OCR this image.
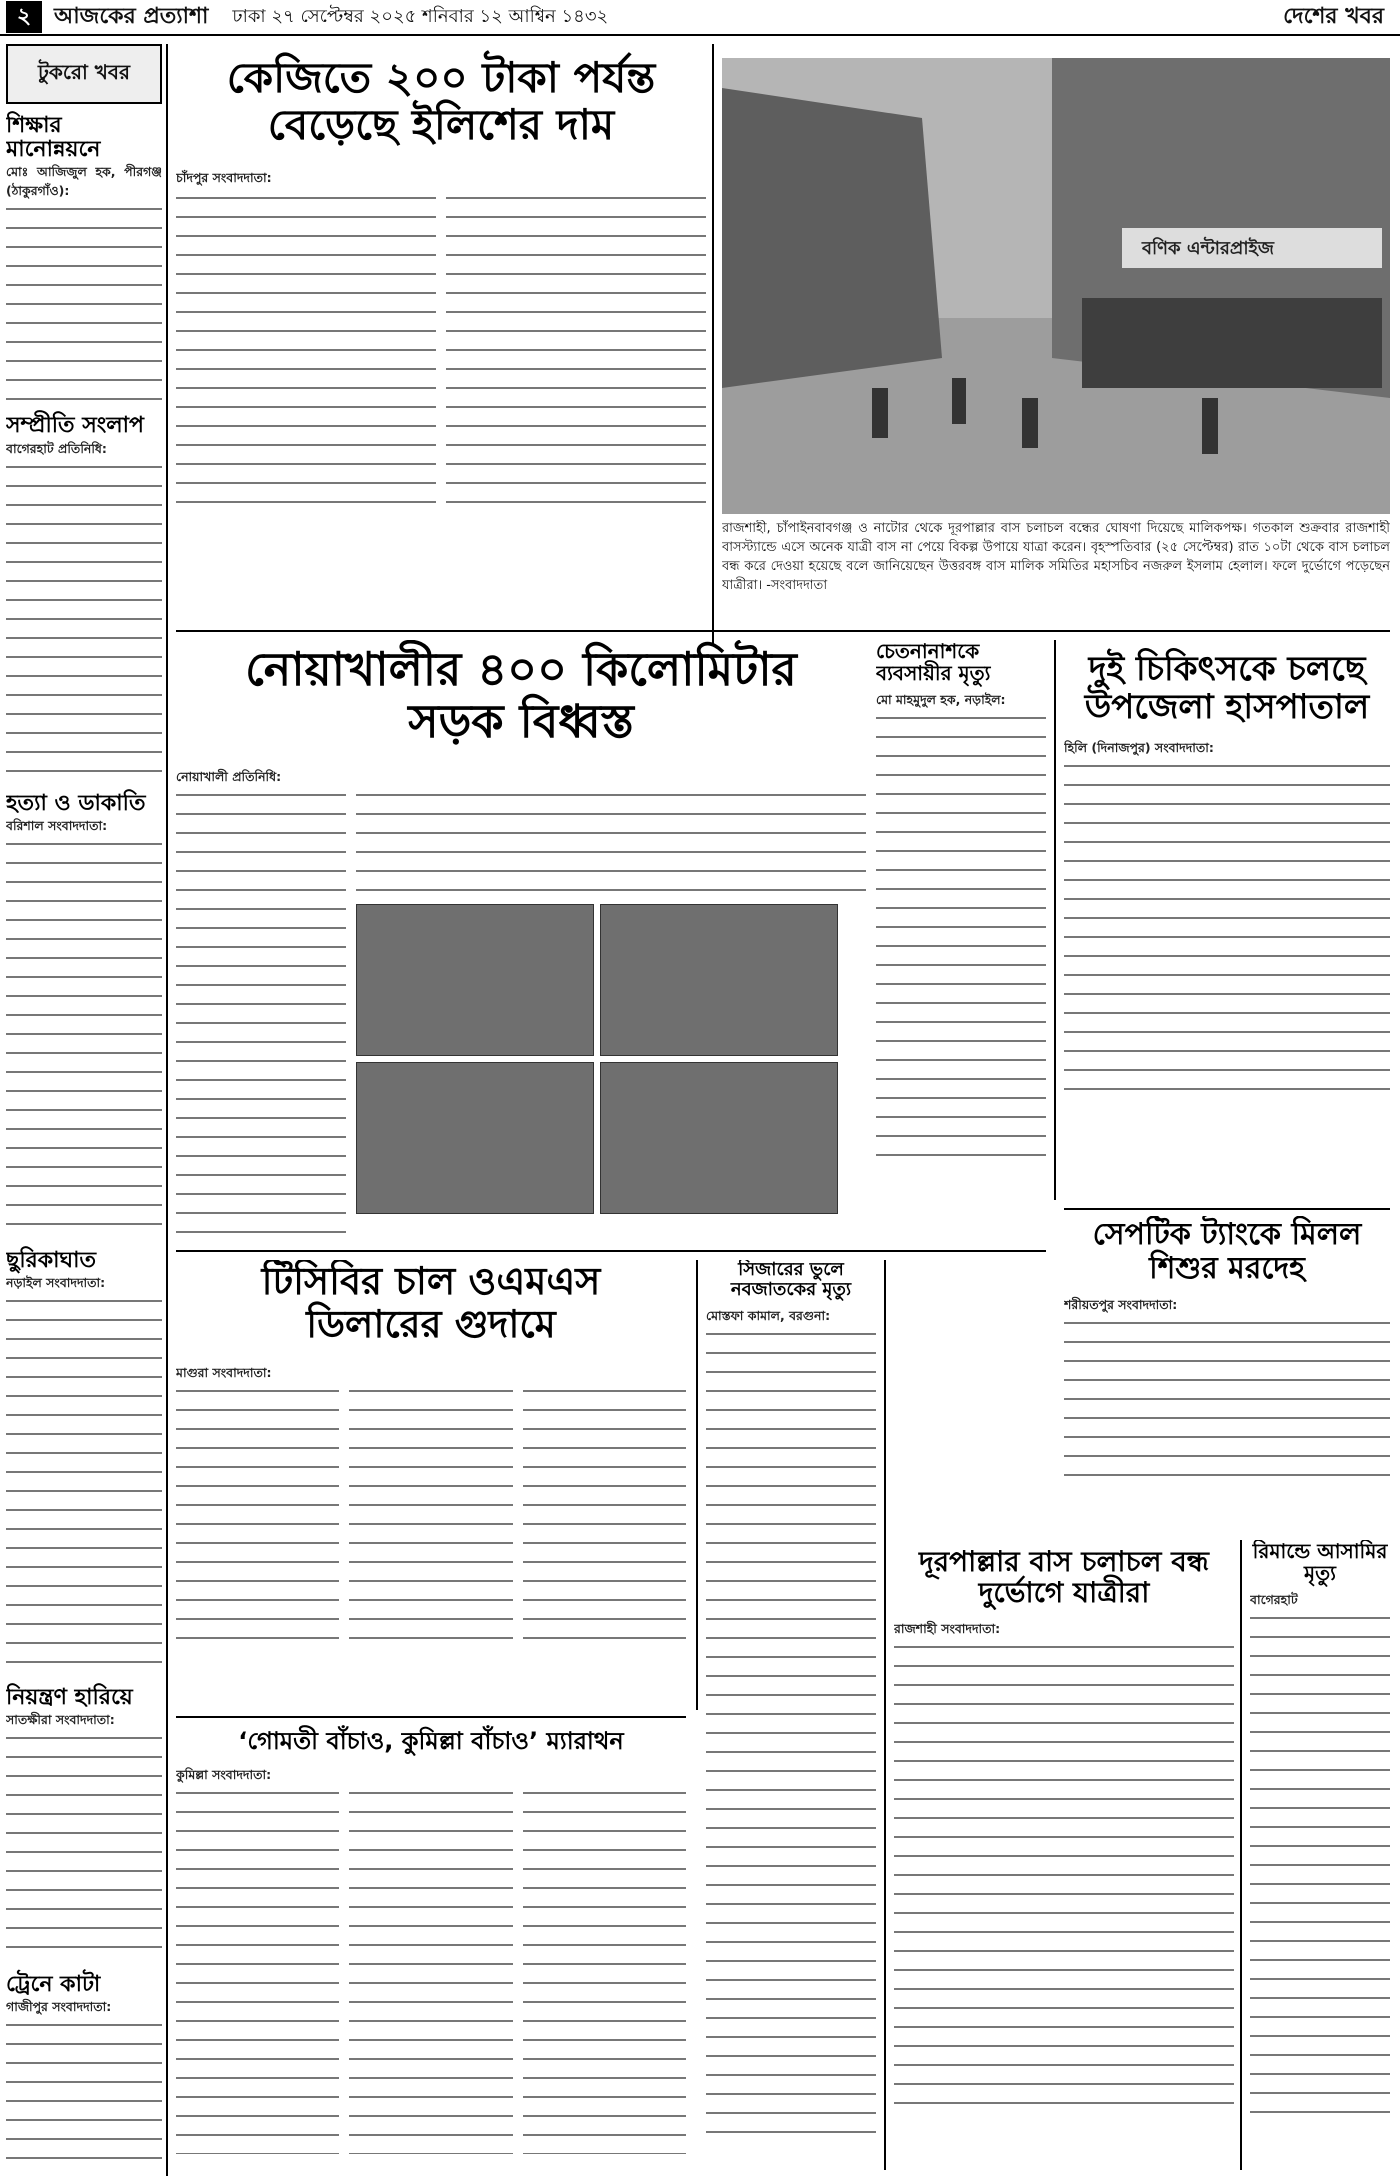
২	আজকের প্রত্যাশা ঢাকা ২৭ সেপ্টেম্বর ২০২৫ শনিবার ১২ আশ্বিন ১৪৩২	দেশের খবর
টুকরো খবর
শিক্ষার মানোন্নয়নে
মোঃ আজিজুল হক, পীরগঞ্জ (ঠাকুরগাঁও):
সম্প্রীতি সংলাপ
বাগেরহাট প্রতিনিধি:
হত্যা ও ডাকাতি
বরিশাল সংবাদদাতা:
ছুরিকাঘাত
নড়াইল সংবাদদাতা:
নিয়ন্ত্রণ হারিয়ে
সাতক্ষীরা সংবাদদাতা:
ট্রেনে কাটা
গাজীপুর সংবাদদাতা:
কেজিতে ২০০ টাকা পর্যন্ত বেড়েছে ইলিশের দাম
চাঁদপুর সংবাদদাতা:
বণিক এন্টারপ্রাইজ
রাজশাহী, চাঁপাইনবাবগঞ্জ ও নাটোর থেকে দূরপাল্লার বাস চলাচল বন্ধের ঘোষণা দিয়েছে মালিকপক্ষ। গতকাল শুক্রবার রাজশাহী বাসস্ট্যান্ডে এসে অনেক যাত্রী বাস না পেয়ে বিকল্প উপায়ে যাত্রা করেন। বৃহস্পতিবার (২৫ সেপ্টেম্বর) রাত ১০টা থেকে বাস চলাচল বন্ধ করে দেওয়া হয়েছে বলে জানিয়েছেন উত্তরবঙ্গ বাস মালিক সমিতির মহাসচিব নজরুল ইসলাম হেলাল। ফলে দুর্ভোগে পড়েছেন যাত্রীরা। -সংবাদদাতা
নোয়াখালীর ৪০০ কিলোমিটার সড়ক বিধ্বস্ত
নোয়াখালী প্রতিনিধি:
চেতনানাশকে ব্যবসায়ীর মৃত্যু
মো মাহমুদুল হক, নড়াইল:
দুই চিকিৎসকে চলছে উপজেলা হাসপাতাল
হিলি (দিনাজপুর) সংবাদদাতা:
সেপটিক ট্যাংকে মিলল শিশুর মরদেহ
শরীয়তপুর সংবাদদাতা:
টিসিবির চাল ওএমএস ডিলারের গুদামে
মাগুরা সংবাদদাতা:
সিজারের ভুলে নবজাতকের মৃত্যু
মোস্তফা কামাল, বরগুনা:
দূরপাল্লার বাস চলাচল বন্ধ দুর্ভোগে যাত্রীরা
রাজশাহী সংবাদদাতা:
রিমান্ডে আসামির মৃত্যু
বাগেরহাট
‘গোমতী বাঁচাও, কুমিল্লা বাঁচাও’ ম্যারাথন
কুমিল্লা সংবাদদাতা:
